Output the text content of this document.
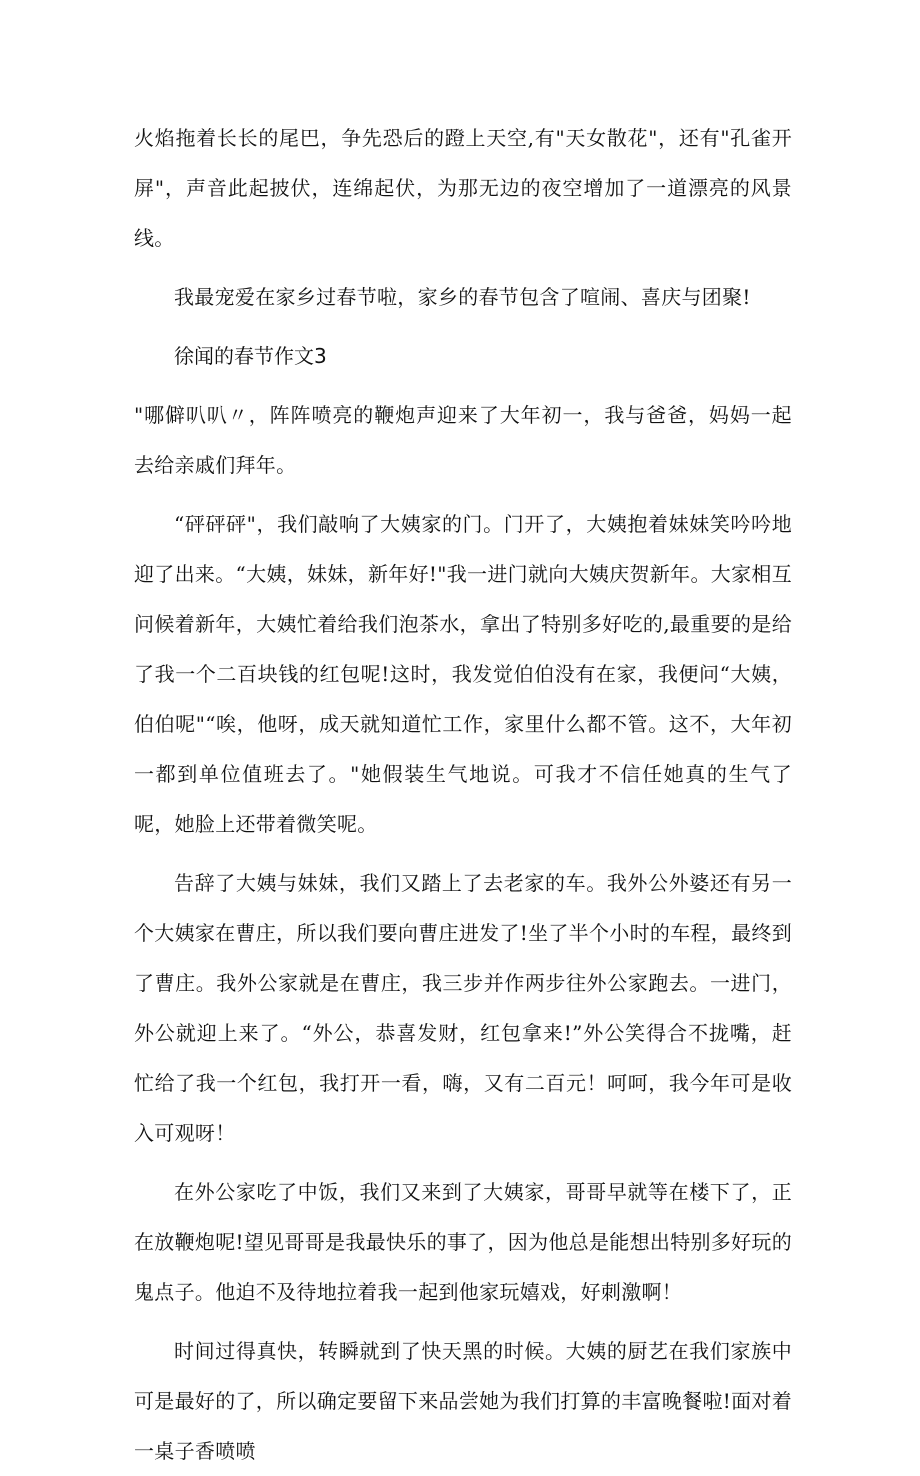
火焰拖着长长的尾巴，争先恐后的蹬上天空,有"天女散花"，还有"孔雀开屏"，声音此起披伏，连绵起伏，为那无边的夜空增加了一道漂亮的风景线。

我最宠爱在家乡过春节啦，家乡的春节包含了喧闹、喜庆与团聚!

徐闻的春节作文3

"哪僻叭叭〃，阵阵喷亮的鞭炮声迎来了大年初一，我与爸爸，妈妈一起去给亲戚们拜年。

“砰砰砰"，我们敲响了大姨家的门。门开了，大姨抱着妹妹笑吟吟地迎了出来。“大姨，妹妹，新年好!"我一进门就向大姨庆贺新年。大家相互问候着新年，大姨忙着给我们泡茶水，拿出了特别多好吃的,最重要的是给了我一个二百块钱的红包呢!这时，我发觉伯伯没有在家，我便问“大姨，伯伯呢"“唉，他呀，成天就知道忙工作，家里什么都不管。这不，大年初一都到单位值班去了。"她假装生气地说。可我才不信任她真的生气了呢，她脸上还带着微笑呢。

告辞了大姨与妹妹，我们又踏上了去老家的车。我外公外婆还有另一个大姨家在曹庄，所以我们要向曹庄进发了!坐了半个小时的车程，最终到了曹庄。我外公家就是在曹庄，我三步并作两步往外公家跑去。一进门，外公就迎上来了。“外公，恭喜发财，红包拿来!”外公笑得合不拢嘴，赶忙给了我一个红包，我打开一看，嗨，又有二百元！呵呵，我今年可是收入可观呀！

在外公家吃了中饭，我们又来到了大姨家，哥哥早就等在楼下了，正在放鞭炮呢!望见哥哥是我最快乐的事了，因为他总是能想出特别多好玩的鬼点子。他迫不及待地拉着我一起到他家玩嬉戏，好刺激啊！

时间过得真快，转瞬就到了快天黑的时候。大姨的厨艺在我们家族中可是最好的了，所以确定要留下来品尝她为我们打算的丰富晚餐啦!面对着一桌子香喷喷
